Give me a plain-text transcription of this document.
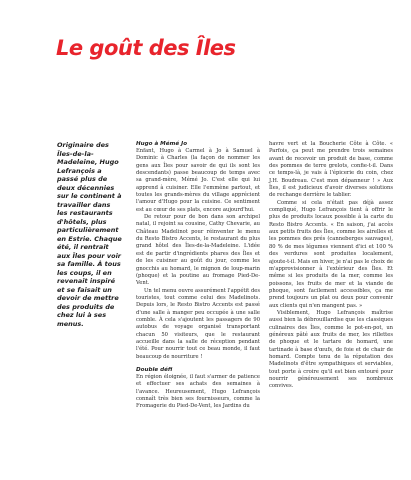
Le goût des Îles

Originaire des Îles-de-la-Madeleine, Hugo Lefrançois a passé plus de deux décennies sur le continent à travailler dans les restaurants d'hôtels, plus particulièrement en Estrie. Chaque été, il rentrait aux Îles pour voir sa famille. À tous les coups, il en revenait inspiré et se faisait un devoir de mettre des produits de chez lui à ses menus.

Hugo à Mémé Jo

Enfant, Hugo à Carmel à Jo à Samuel à Dominic à Charles (la façon de nommer les gens aux Îles pour savoir de qui ils sont les descendants) passe beaucoup de temps avec sa grand-mère, Mémé Jo. C'est elle qui lui apprend à cuisiner. Elle l'emmène partout, et toutes les grands-mères du village apprécient l'amour d'Hugo pour la cuisine. Ce sentiment est au cœur de ses plats, encore aujourd'hui.

De retour pour de bon dans son archipel natal, il rejoint sa cousine, Cathy Chevarie, au Château Madelinot pour réinventer le menu du Resto Bistro Accents, le restaurant du plus grand hôtel des Îles-de-la-Madeleine. L'idée est de partir d'ingrédients phares des Îles et de les cuisiner au goût du jour, comme les gnocchis au homard, le mignon de loup-marin (phoque) et la poutine au fromage Pied-De-Vent.

Un tel menu ouvre assurément l'appétit des touristes, tout comme celui des Madelinots. Depuis lors, le Resto Bistro Accents est passé d'une salle à manger peu occupée à une salle comble. À cela s'ajoutent les passagers de 90 autobus de voyage organisé transportant chacun 50 visiteurs, que le restaurant accueille dans la salle de réception pendant l'été. Pour nourrir tout ce beau monde, il faut beaucoup de nourriture !

Double défi

En région éloignée, il faut s'armer de patience et effectuer ses achats des semaines à l'avance. Heureusement, Hugo Lefrançois connaît très bien ses fournisseurs, comme la Fromagerie du Pied-De-Vent, les Jardins du

havre vert et la Boucherie Côte à Côte. « Parfois, ça peut me prendre trois semaines avant de recevoir un produit de base, comme des pommes de terre grelots, confie-t-il. Dans ce temps-là, je vais à l'épicerie du coin, chez J.H. Boudreau. C'est mon dépanneur ! » Aux Îles, il est judicieux d'avoir diverses solutions de rechange derrière le tablier.

Comme si cela n'était pas déjà assez compliqué, Hugo Lefrançois tient à offrir le plus de produits locaux possible à la carte du Resto Bistro Accents. « En saison, j'ai accès aux petits fruits des Îles, comme les airelles et les pommes des prés (canneberges sauvages), 80 % de mes légumes viennent d'ici et 100 % des verdures sont produites localement, ajoute-t-il. Mais en hiver, je n'ai pas le choix de m'approvisionner à l'extérieur des Îles. Et même si les produits de la mer, comme les poissons, les fruits de mer et la viande de phoque, sont facilement accessibles, ça me prend toujours un plat ou deux pour convenir aux clients qui n'en mangent pas. »

Visiblement, Hugo Lefrançois maîtrise aussi bien la débrouillardise que les classiques culinaires des Îles, comme le pot-en-pot, un généreux pâté aux fruits de mer, les rillettes de phoque et le tartare de homard, une tartinade à base d'œufs, de foie et de chair de homard. Compte tenu de la réputation des Madelinots d'être sympathiques et serviables, tout porte à croire qu'il est bien entouré pour nourrir généreusement ses nombreux convives.
